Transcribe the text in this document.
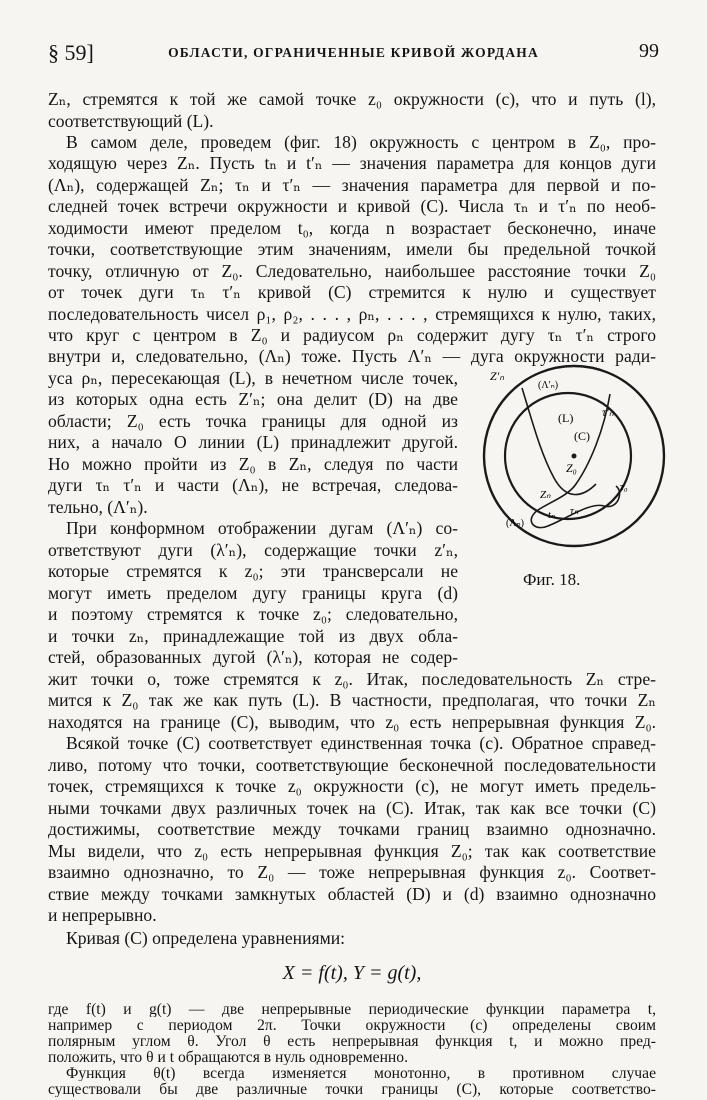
§ 59]	ОБЛАСТИ, ОГРАНИЧЕННЫЕ КРИВОЙ ЖОРДАНА	99
Zₙ, стремятся к той же самой точке z₀ окружности (c), что и путь (l),
соответствующий (L).
В самом деле, проведем (фиг. 18) окружность с центром в Z₀, про-
ходящую через Zₙ. Пусть tₙ и t′ₙ — значения параметра для концов дуги
(Λₙ), содержащей Zₙ; τₙ и τ′ₙ — значения параметра для первой и по-
следней точек встречи окружности и кривой (C). Числа τₙ и τ′ₙ по необ-
ходимости имеют пределом t₀, когда n возрастает бесконечно, иначе
точки, соответствующие этим значениям, имели бы предельной точкой
точку, отличную от Z₀. Следовательно, наибольшее расстояние точки Z₀
от точек дуги τₙ τ′ₙ кривой (C) стремится к нулю и существует
последовательность чисел ρ₁, ρ₂, . . . , ρₙ, . . . , стремящихся к нулю, таких,
что круг с центром в Z₀ и радиусом ρₙ содержит дугу τₙ τ′ₙ строго
внутри и, следовательно, (Λₙ) тоже. Пусть Λ′ₙ — дуга окружности ради-
уса ρₙ, пересекающая (L), в нечетном числе точек,
из которых одна есть Z′ₙ; она делит (D) на две
области; Z₀ есть точка границы для одной из
них, а начало O линии (L) принадлежит другой.
Но можно пройти из Z₀ в Zₙ, следуя по части
дуги τₙ τ′ₙ и части (Λₙ), не встречая, следова-
тельно, (Λ′ₙ).
При конформном отображении дугам (Λ′ₙ) со-
ответствуют дуги (λ′ₙ), содержащие точки z′ₙ,
которые стремятся к z₀; эти трансверсали не
могут иметь пределом дугу границы круга (d)
и поэтому стремятся к точке z₀; следовательно,
и точки zₙ, принадлежащие той из двух обла-
стей, образованных дугой (λ′ₙ), которая не содер-
жит точки o, тоже стремятся к z₀. Итак, последовательность Zₙ стре-
мится к Z₀ так же как путь (L). В частности, предполагая, что точки Zₙ
находятся на границе (C), выводим, что z₀ есть непрерывная функция Z₀.
Всякой точке (C) соответствует единственная точка (c). Обратное справед-
ливо, потому что точки, соответствующие бесконечной последовательности
точек, стремящихся к точке z₀ окружности (c), не могут иметь предель-
ными точками двух различных точек на (C). Итак, так как все точки (C)
достижимы, соответствие между точками границ взаимно однозначно.
Мы видели, что z₀ есть непрерывная функция Z₀; так как соответствие
взаимно однозначно, то Z₀ — тоже непрерывная функция z₀. Соответ-
ствие между точками замкнутых областей (D) и (d) взаимно однозначно
и непрерывно.
Кривая (C) определена уравнениями:
X = f(t), Y = g(t),
где f(t) и g(t) — две непрерывные периодические функции параметра t,
например с периодом 2π. Точки окружности (c) определены своим
полярным углом θ. Угол θ есть непрерывная функция t, и можно пред-
положить, что θ и t обращаются в нуль одновременно.
Функция θ(t) всегда изменяется монотонно, в противном случае
существовали бы две различные точки границы (C), которые соответство-
Z′ₙ
(Λ′ₙ)
(L) τ′ₙ
(C)
Z₀
Zₙ
τₙ
τ₀
tₙ
(Λₙ)
Фиг. 18.
